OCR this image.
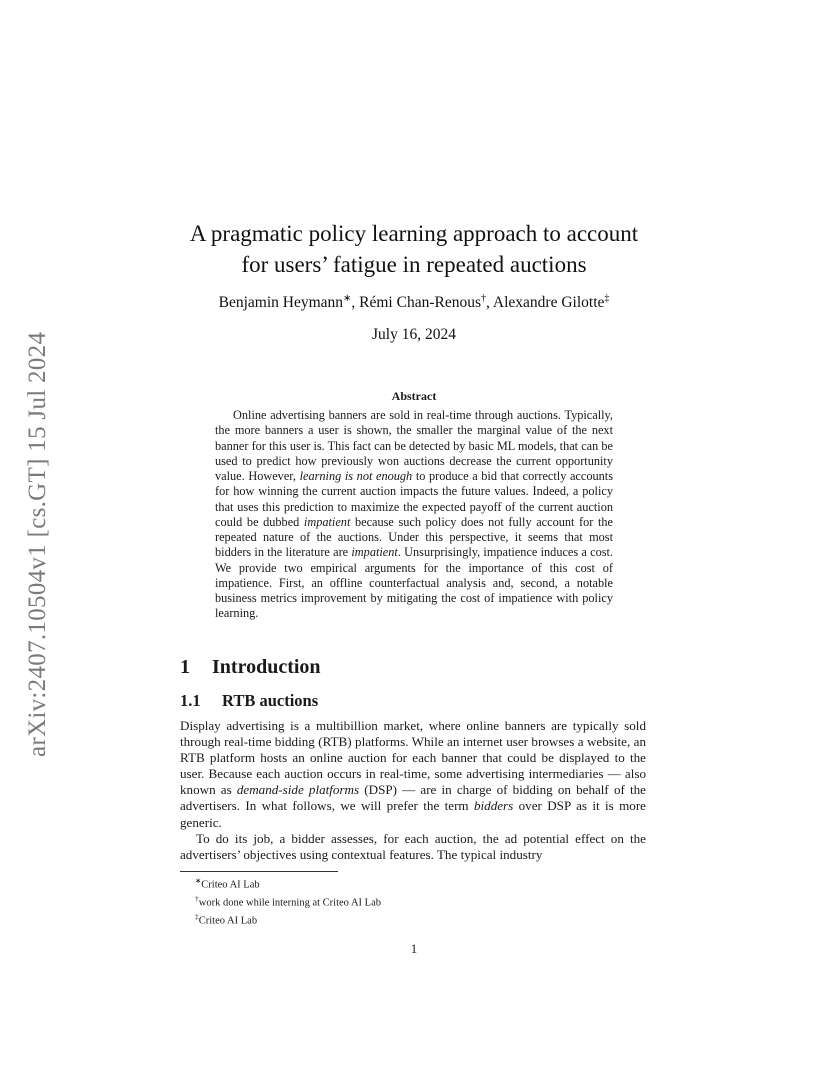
arXiv:2407.10504v1 [cs.GT] 15 Jul 2024
A pragmatic policy learning approach to account
for users’ fatigue in repeated auctions
Benjamin Heymann∗, Rémi Chan-Renous†, Alexandre Gilotte‡
July 16, 2024
Abstract
Online advertising banners are sold in real-time through auctions. Typically, the more banners a user is shown, the smaller the marginal value of the next banner for this user is. This fact can be detected by basic ML models, that can be used to predict how previously won auctions decrease the current opportunity value. However, learning is not enough to produce a bid that correctly accounts for how winning the current auction impacts the future values. Indeed, a policy that uses this prediction to maximize the expected payoff of the current auction could be dubbed impatient because such policy does not fully account for the repeated nature of the auctions. Under this perspective, it seems that most bidders in the literature are impatient. Unsurprisingly, impatience induces a cost. We provide two empirical arguments for the importance of this cost of impatience. First, an offline counterfactual analysis and, second, a notable business metrics improvement by mitigating the cost of impatience with policy learning.
1 Introduction
1.1 RTB auctions

Display advertising is a multibillion market, where online banners are typically sold through real-time bidding (RTB) platforms. While an internet user browses a website, an RTB platform hosts an online auction for each banner that could be displayed to the user. Because each auction occurs in real-time, some advertising intermediaries — also known as demand-side platforms (DSP) — are in charge of bidding on behalf of the advertisers. In what follows, we will prefer the term bidders over DSP as it is more generic.

To do its job, a bidder assesses, for each auction, the ad potential effect on the advertisers’ objectives using contextual features. The typical industry

∗Criteo AI Lab
†work done while interning at Criteo AI Lab
‡Criteo AI Lab
1
